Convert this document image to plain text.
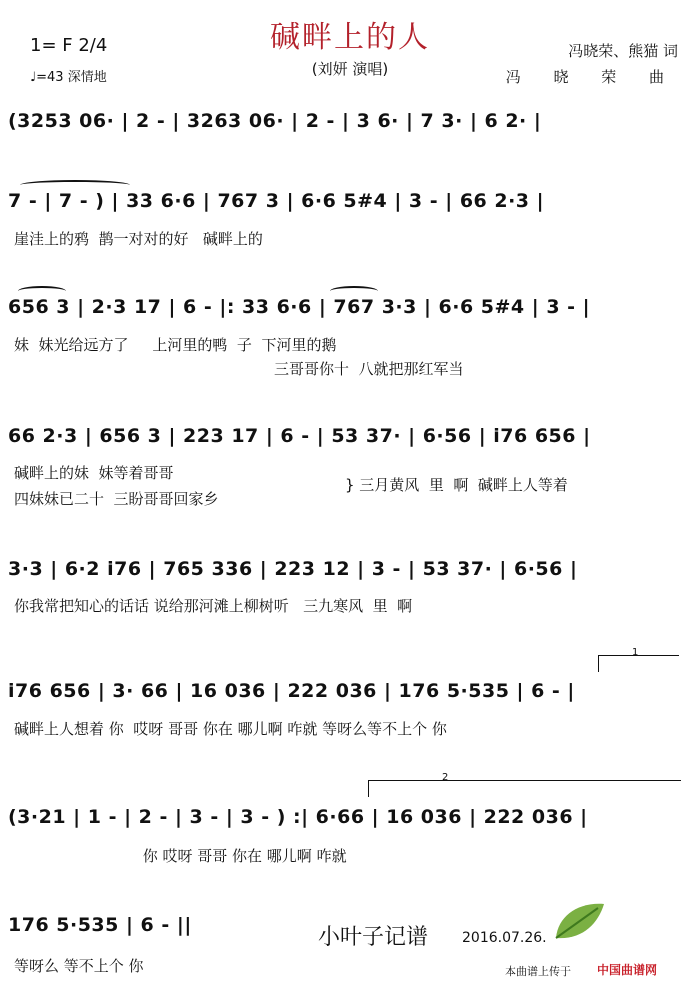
碱畔上的人
(刘妍 演唱)
1= F 2/4
♩=43 深情地
冯晓荣、熊猫 词
冯 晓 荣 曲
(3253 06· | 2 - | 3263 06· | 2 - | 3 6· | 7 3· | 6 2· |
7 - | 7 - ) | 33 6·6 | 767 3 | 6·6 5#4 | 3 - | 66 2·3 |
崖洼上的鸦  鹊一对对的好   碱畔上的
656 3 | 2·3 17 | 6 - |: 33 6·6 | 767 3·3 | 6·6 5#4 | 3 - |
妹  妹光给远方了     上河里的鸭  子  下河里的鹅
三哥哥你十  八就把那红军当
66 2·3 | 656 3 | 223 17 | 6 - | 53 37· | 6·56 | i76 656 |
碱畔上的妹  妹等着哥哥
} 三月黄风  里  啊  碱畔上人等着
四妹妹已二十  三盼哥哥回家乡
3·3 | 6·2 i76 | 765 336 | 223 12 | 3 - | 53 37· | 6·56 |
你我常把知心的话话 说给那河滩上柳树听   三九寒风  里  啊
1
i76 656 | 3· 66 | 16 036 | 222 036 | 176 5·535 | 6 - |
碱畔上人想着 你  哎呀 哥哥 你在 哪儿啊 咋就 等呀么等不上个 你
2
(3·21 | 1 - | 2 - | 3 - | 3 - ) :| 6·66 | 16 036 | 222 036 |
你 哎呀 哥哥 你在 哪儿啊 咋就
176 5·535 | 6 - ||
等呀么 等不上个 你
小叶子记谱 2016.07.26.
本曲谱上传于 中国曲谱网
